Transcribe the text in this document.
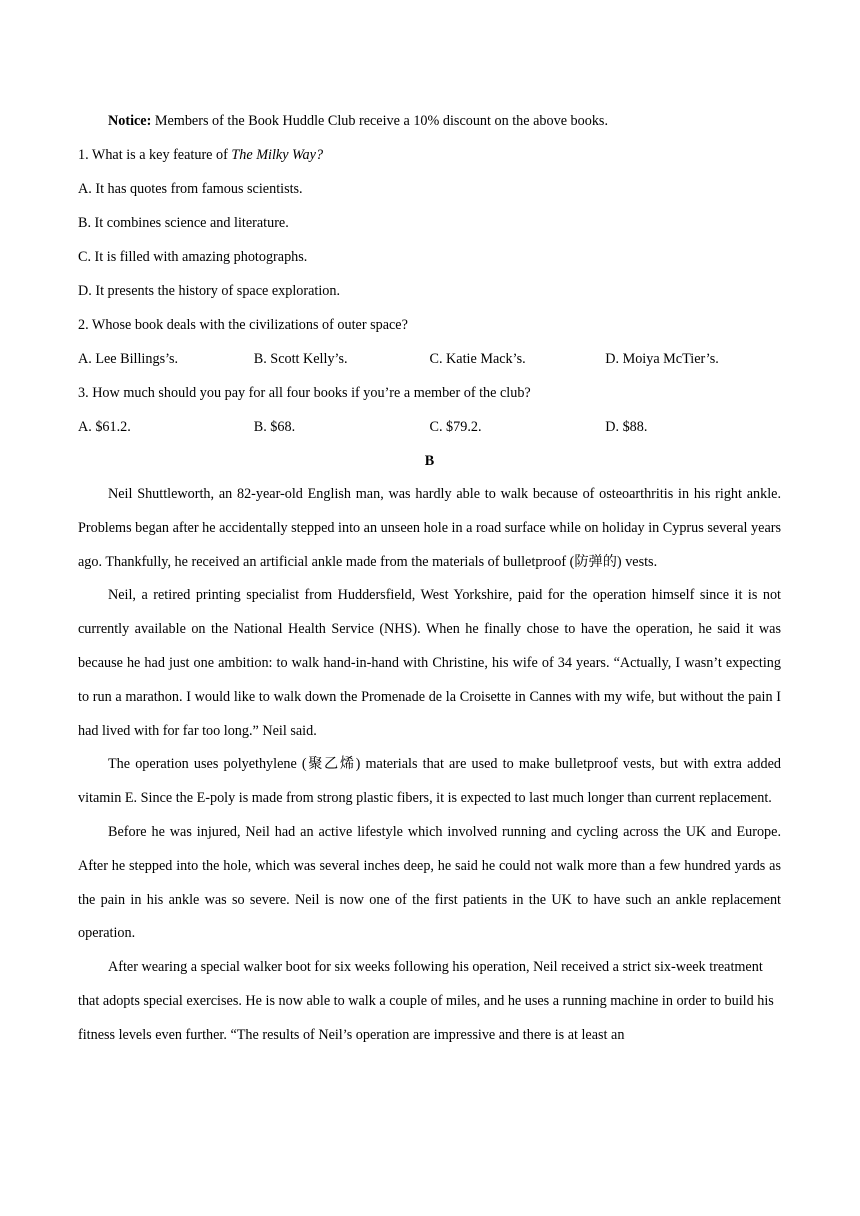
Notice: Members of the Book Huddle Club receive a 10% discount on the above books.
1. What is a key feature of The Milky Way?
A. It has quotes from famous scientists.
B. It combines science and literature.
C. It is filled with amazing photographs.
D. It presents the history of space exploration.
2. Whose book deals with the civilizations of outer space?
A. Lee Billings’s.	B. Scott Kelly’s.	C. Katie Mack’s.	D. Moiya McTier’s.
3. How much should you pay for all four books if you’re a member of the club?
A. $61.2.	B. $68.	C. $79.2.	D. $88.
B

Neil Shuttleworth, an 82-year-old English man, was hardly able to walk because of osteoarthritis in his right ankle. Problems began after he accidentally stepped into an unseen hole in a road surface while on holiday in Cyprus several years ago. Thankfully, he received an artificial ankle made from the materials of bulletproof (防弹的) vests.

Neil, a retired printing specialist from Huddersfield, West Yorkshire, paid for the operation himself since it is not currently available on the National Health Service (NHS). When he finally chose to have the operation, he said it was because he had just one ambition: to walk hand-in-hand with Christine, his wife of 34 years. “Actually, I wasn’t expecting to run a marathon. I would like to walk down the Promenade de la Croisette in Cannes with my wife, but without the pain I had lived with for far too long.” Neil said.

The operation uses polyethylene (聚乙烯) materials that are used to make bulletproof vests, but with extra added vitamin E. Since the E-poly is made from strong plastic fibers, it is expected to last much longer than current replacement.

Before he was injured, Neil had an active lifestyle which involved running and cycling across the UK and Europe. After he stepped into the hole, which was several inches deep, he said he could not walk more than a few hundred yards as the pain in his ankle was so severe. Neil is now one of the first patients in the UK to have such an ankle replacement operation.

After wearing a special walker boot for six weeks following his operation, Neil received a strict six-week treatment that adopts special exercises. He is now able to walk a couple of miles, and he uses a running machine in order to build his fitness levels even further. “The results of Neil’s operation are impressive and there is at least an
